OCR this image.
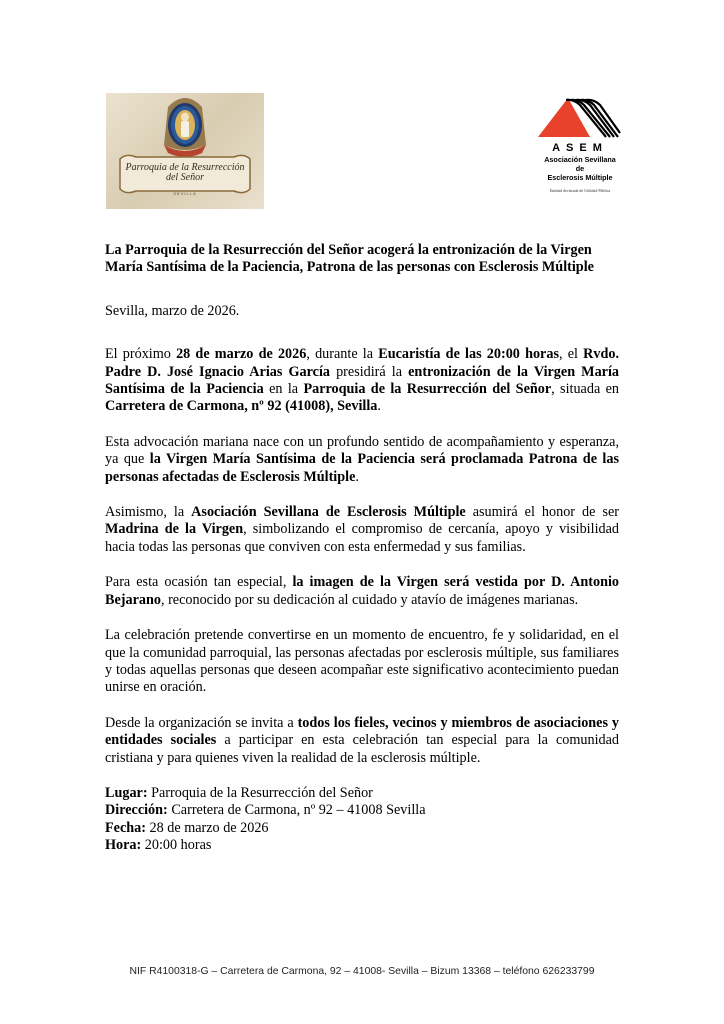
Parroquia de la Resurrección
del Señor
SEVILLA
ASEM
Asociación Sevillana
de
Esclerosis Múltiple
Entidad declarada de Utilidad Pública

La Parroquia de la Resurrección del Señor acogerá la entronización de la Virgen María Santísima de la Paciencia, Patrona de las personas con Esclerosis Múltiple

Sevilla, marzo de 2026.

El próximo 28 de marzo de 2026, durante la Eucaristía de las 20:00 horas, el Rvdo. Padre D. José Ignacio Arias García presidirá la entronización de la Virgen María Santísima de la Paciencia en la Parroquia de la Resurrección del Señor, situada en Carretera de Carmona, nº 92 (41008), Sevilla.

Esta advocación mariana nace con un profundo sentido de acompañamiento y esperanza, ya que la Virgen María Santísima de la Paciencia será proclamada Patrona de las personas afectadas de Esclerosis Múltiple.

Asimismo, la Asociación Sevillana de Esclerosis Múltiple asumirá el honor de ser Madrina de la Virgen, simbolizando el compromiso de cercanía, apoyo y visibilidad hacia todas las personas que conviven con esta enfermedad y sus familias.

Para esta ocasión tan especial, la imagen de la Virgen será vestida por D. Antonio Bejarano, reconocido por su dedicación al cuidado y atavío de imágenes marianas.

La celebración pretende convertirse en un momento de encuentro, fe y solidaridad, en el que la comunidad parroquial, las personas afectadas por esclerosis múltiple, sus familiares y todas aquellas personas que deseen acompañar este significativo acontecimiento puedan unirse en oración.

Desde la organización se invita a todos los fieles, vecinos y miembros de asociaciones y entidades sociales a participar en esta celebración tan especial para la comunidad cristiana y para quienes viven la realidad de la esclerosis múltiple.

Lugar: Parroquia de la Resurrección del Señor
Dirección: Carretera de Carmona, nº 92 – 41008 Sevilla
Fecha: 28 de marzo de 2026
Hora: 20:00 horas
NIF R4100318-G – Carretera de Carmona, 92 – 41008- Sevilla – Bizum 13368 – teléfono 626233799
